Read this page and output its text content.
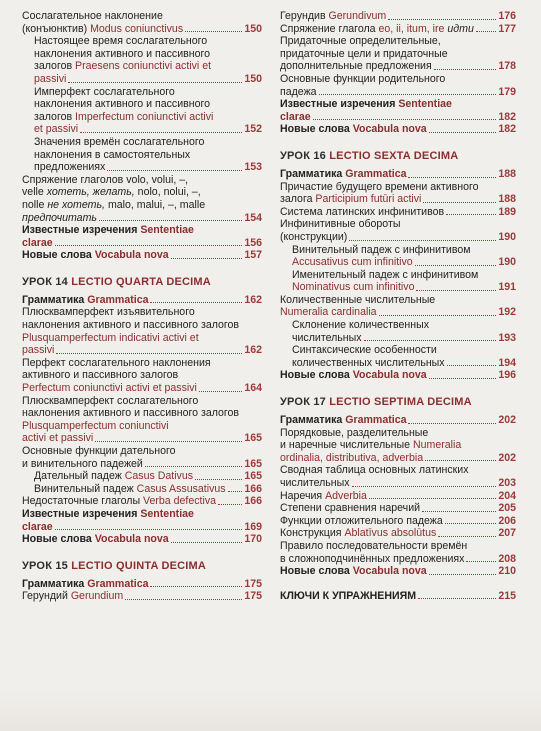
Сослагательное наклонение
(конъюнктив) Modus coniunctivus	150
Настоящее время сослагательного
наклонения активного и пассивного
залогов Praesens coniunctivi activi et
passivi	150
Имперфект сослагательного
наклонения активного и пассивного
залогов Imperfectum coniunctivi activi
et passivi	152
Значения времён сослагательного
наклонения в самостоятельных
предложениях	153
Спряжение глаголов volo, volui, –,
velle хотеть, желать, nolo, nolui, –,
nolle не хотеть, malo, malui, –, malle
предпочитать	154
Известные изречения Sententiae
clarae	156
Новые слова Vocabula nova	157
УРОК 14 LECTIO QUARTA DECIMA
Грамматика Grammatica	162
Плюсквамперфект изъявительного
наклонения активного и пассивного залогов Plusquamperfectum indicativi activi et
passivi	162
Перфект сослагательного наклонения
активного и пассивного залогов
Perfectum coniunctivi activi et passivi	164
Плюсквамперфект сослагательного
наклонения активного и пассивного залогов Plusquamperfectum coniunctivi
activi et passivi	165
Основные функции дательного
и винительного падежей	165
Дательный падеж Casus Dativus	165
Винительный падеж Casus Assusativus 166
Недостаточные глаголы Verba defectiva	166
Известные изречения Sententiae
clarae	169
Новые слова Vocabula nova	170
УРОК 15 LECTIO QUINTA DECIMA
Грамматика Grammatica	175
Герундий Gerundium	175
Герундив Gerundivum	176
Спряжение глагола eo, ii, itum, ire идти 177
Придаточные определительные,
придаточные цели и придаточные
дополнительные предложения	178
Основные функции родительного
падежа	179
Известные изречения Sententiae
clarae	182
Новые слова Vocabula nova	182
УРОК 16 LECTIO SEXTA DECIMA
Грамматика Grammatica	188
Причастие будущего времени активного
залога Participium futūri activi	188
Система латинских инфинитивов	189
Инфинитивные обороты
(конструкции)	190
Винительный падеж с инфинитивом
Accusativus cum infinitivo	190
Именительный падеж с инфинитивом
Nominativus cum infinitivo	191
Количественные числительные
Numeralia cardinalia	192
Склонение количественных
числительных	193
Синтаксические особенности
количественных числительных	194
Новые слова Vocabula nova	196
УРОК 17 LECTIO SEPTIMA DECIMA
Грамматика Grammatica	202
Порядковые, разделительные
и наречные числительные Numeralia
ordinalia, distributiva, adverbia	202
Сводная таблица основных латинских
числительных	203
Наречия Adverbia	204
Степени сравнения наречий	205
Функции отложительного падежа	206
Конструкция Ablatīvus absolūtus	207
Правило последовательности времён
в сложноподчинённых предложениях	208
Новые слова Vocabula nova	210
КЛЮЧИ К УПРАЖНЕНИЯМ	215
